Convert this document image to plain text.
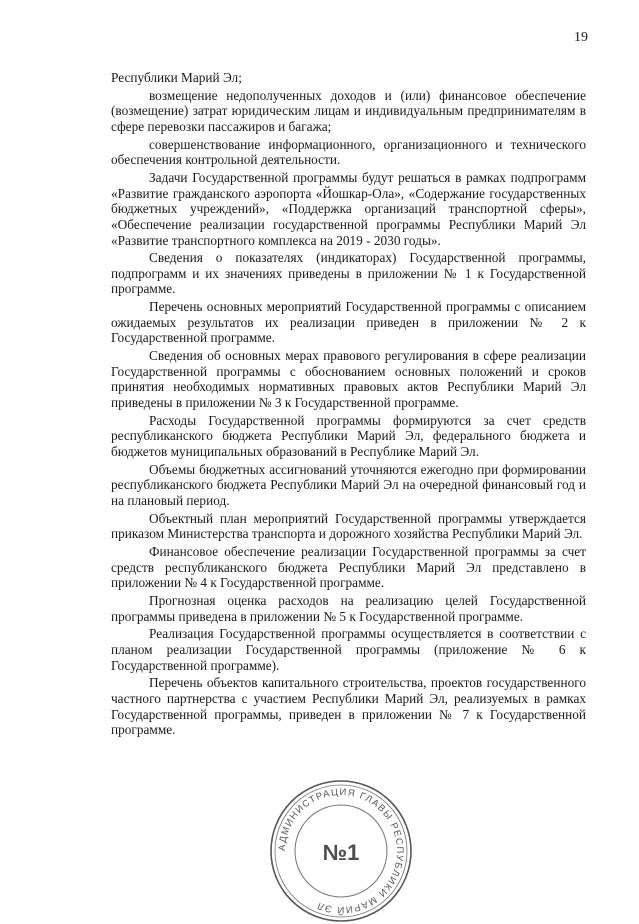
19

Республики Марий Эл;

возмещение недополученных доходов и (или) финансовое обеспечение (возмещение) затрат юридическим лицам и индивидуальным предпринимателям в сфере перевозки пассажиров и багажа;

совершенствование информационного, организационного и технического обеспечения контрольной деятельности.

Задачи Государственной программы будут решаться в рамках подпрограмм «Развитие гражданского аэропорта «Йошкар-Ола», «Содержание государственных бюджетных учреждений», «Поддержка организаций транспортной сферы», «Обеспечение реализации государственной программы Республики Марий Эл «Развитие транспортного комплекса на 2019 - 2030 годы».

Сведения о показателях (индикаторах) Государственной программы, подпрограмм и их значениях приведены в приложении № 1 к Государственной программе.

Перечень основных мероприятий Государственной программы с описанием ожидаемых результатов их реализации приведен в приложении № 2 к Государственной программе.

Сведения об основных мерах правового регулирования в сфере реализации Государственной программы с обоснованием основных положений и сроков принятия необходимых нормативных правовых актов Республики Марий Эл приведены в приложении № 3 к Государственной программе.

Расходы Государственной программы формируются за счет средств республиканского бюджета Республики Марий Эл, федерального бюджета и бюджетов муниципальных образований в Республике Марий Эл.

Объемы бюджетных ассигнований уточняются ежегодно при формировании республиканского бюджета Республики Марий Эл на очередной финансовый год и на плановый период.

Объектный план мероприятий Государственной программы утверждается приказом Министерства транспорта и дорожного хозяйства Республики Марий Эл.

Финансовое обеспечение реализации Государственной программы за счет средств республиканского бюджета Республики Марий Эл представлено в приложении № 4 к Государственной программе.

Прогнозная оценка расходов на реализацию целей Государственной программы приведена в приложении № 5 к Государственной программе.

Реализация Государственной программы осуществляется в соответствии с планом реализации Государственной программы (приложение № 6 к Государственной программе).

Перечень объектов капитального строительства, проектов государственного частного партнерства с участием Республики Марий Эл, реализуемых в рамках Государственной программы, приведен в приложении № 7 к Государственной программе.

АДМИНИСТРАЦИЯ ГЛАВЫ РЕСПУБЛИКИ МАРИЙ ЭЛ
№1
